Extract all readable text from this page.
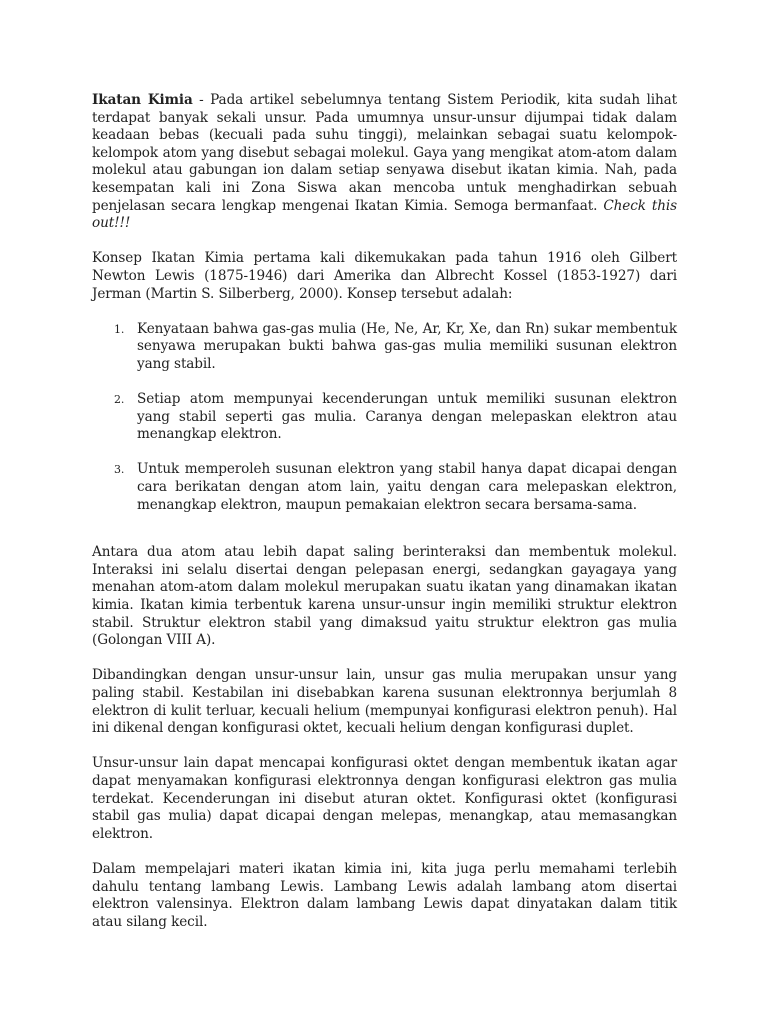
Ikatan Kimia - Pada artikel sebelumnya tentang Sistem Periodik, kita sudah lihat terdapat banyak sekali unsur. Pada umumnya unsur-unsur dijumpai tidak dalam keadaan bebas (kecuali pada suhu tinggi), melainkan sebagai suatu kelompok-kelompok atom yang disebut sebagai molekul. Gaya yang mengikat atom-atom dalam molekul atau gabungan ion dalam setiap senyawa disebut ikatan kimia. Nah, pada kesempatan kali ini Zona Siswa akan mencoba untuk menghadirkan sebuah penjelasan secara lengkap mengenai Ikatan Kimia. Semoga bermanfaat. Check this out!!!

Konsep Ikatan Kimia pertama kali dikemukakan pada tahun 1916 oleh Gilbert Newton Lewis (1875-1946) dari Amerika dan Albrecht Kossel (1853-1927) dari Jerman (Martin S. Silberberg, 2000). Konsep tersebut adalah:

1. Kenyataan bahwa gas-gas mulia (He, Ne, Ar, Kr, Xe, dan Rn) sukar membentuk senyawa merupakan bukti bahwa gas-gas mulia memiliki susunan elektron yang stabil.
2. Setiap atom mempunyai kecenderungan untuk memiliki susunan elektron yang stabil seperti gas mulia. Caranya dengan melepaskan elektron atau menangkap elektron.
3. Untuk memperoleh susunan elektron yang stabil hanya dapat dicapai dengan cara berikatan dengan atom lain, yaitu dengan cara melepaskan elektron, menangkap elektron, maupun pemakaian elektron secara bersama-sama.

Antara dua atom atau lebih dapat saling berinteraksi dan membentuk molekul. Interaksi ini selalu disertai dengan pelepasan energi, sedangkan gayagaya yang menahan atom-atom dalam molekul merupakan suatu ikatan yang dinamakan ikatan kimia. Ikatan kimia terbentuk karena unsur-unsur ingin memiliki struktur elektron stabil. Struktur elektron stabil yang dimaksud yaitu struktur elektron gas mulia (Golongan VIII A).

Dibandingkan dengan unsur-unsur lain, unsur gas mulia merupakan unsur yang paling stabil. Kestabilan ini disebabkan karena susunan elektronnya berjumlah 8 elektron di kulit terluar, kecuali helium (mempunyai konfigurasi elektron penuh). Hal ini dikenal dengan konfigurasi oktet, kecuali helium dengan konfigurasi duplet.

Unsur-unsur lain dapat mencapai konfigurasi oktet dengan membentuk ikatan agar dapat menyamakan konfigurasi elektronnya dengan konfigurasi elektron gas mulia terdekat. Kecenderungan ini disebut aturan oktet. Konfigurasi oktet (konfigurasi stabil gas mulia) dapat dicapai dengan melepas, menangkap, atau memasangkan elektron.

Dalam mempelajari materi ikatan kimia ini, kita juga perlu memahami terlebih dahulu tentang lambang Lewis. Lambang Lewis adalah lambang atom disertai elektron valensinya. Elektron dalam lambang Lewis dapat dinyatakan dalam titik atau silang kecil.
